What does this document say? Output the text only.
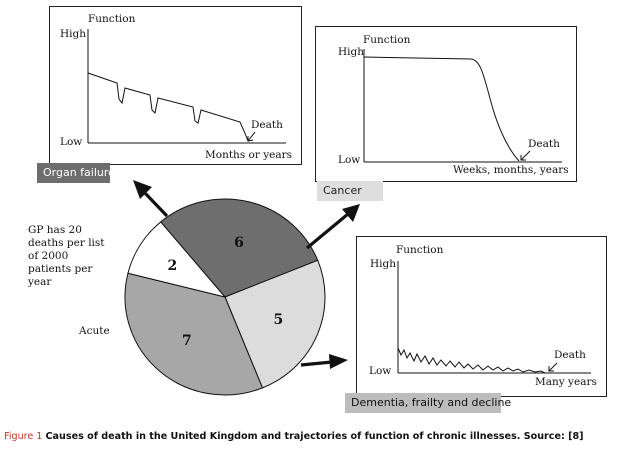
Function
High
Low
Death
Months or years
Organ failure
Function
High
Low
Death
Weeks, months, years
Cancer
Function
High
Low
Death
Many years
Dementia, frailty and decline
GP has 20
deaths per list
of 2000
patients per
year
Acute
6
5
7
2
Figure 1 Causes of death in the United Kingdom and trajectories of function of chronic illnesses. Source: [8]
